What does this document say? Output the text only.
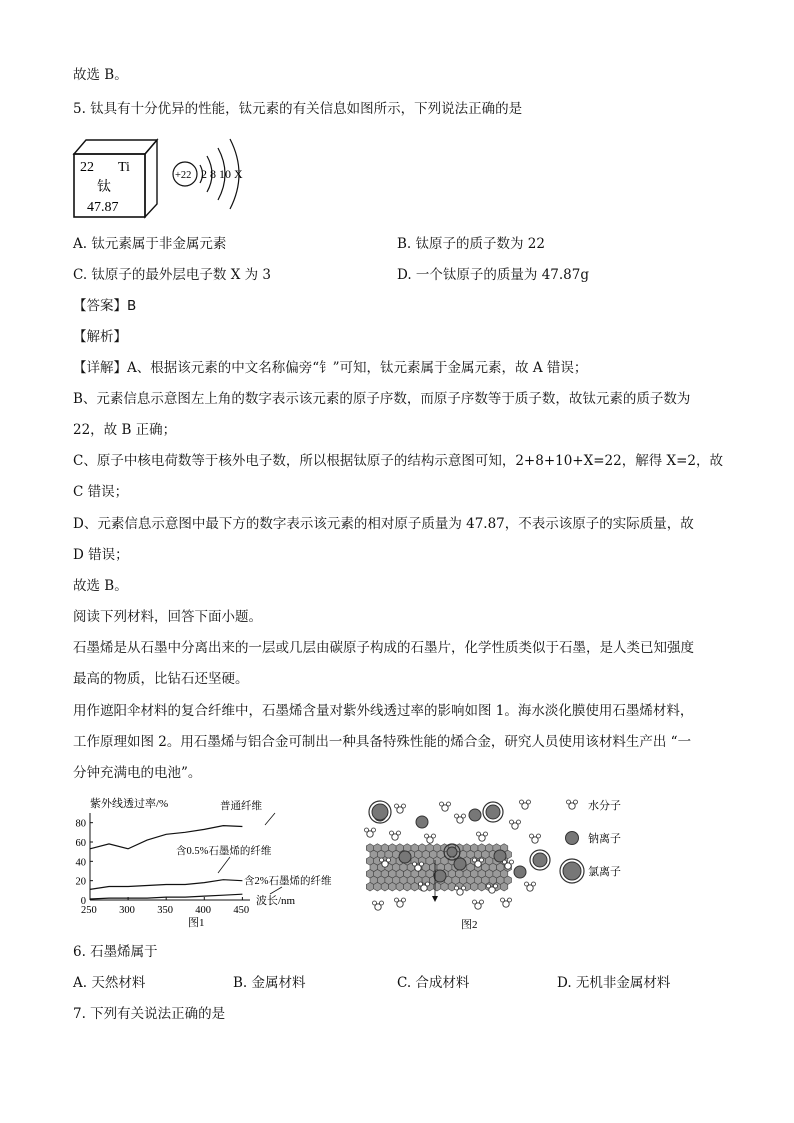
故选 B。
5. 钛具有十分优异的性能，钛元素的有关信息如图所示，下列说法正确的是
22 Ti
钛
47.87
+22 2 8 10 X
A. 钛元素属于非金属元素	B. 钛原子的质子数为 22
C. 钛原子的最外层电子数 X 为 3	D. 一个钛原子的质量为 47.87g
【答案】B
【解析】
【详解】A、根据该元素的中文名称偏旁“钅”可知，钛元素属于金属元素，故 A 错误；
B、元素信息示意图左上角的数字表示该元素的原子序数，而原子序数等于质子数，故钛元素的质子数为
22，故 B 正确；
C、原子中核电荷数等于核外电子数，所以根据钛原子的结构示意图可知，2+8+10+X=22，解得 X=2，故
C 错误；
D、元素信息示意图中最下方的数字表示该元素的相对原子质量为 47.87，不表示该原子的实际质量，故
D 错误；
故选 B。
阅读下列材料，回答下面小题。
石墨烯是从石墨中分离出来的一层或几层由碳原子构成的石墨片，化学性质类似于石墨，是人类已知强度
最高的物质，比钻石还坚硬。
用作遮阳伞材料的复合纤维中，石墨烯含量对紫外线透过率的影响如图 1。海水淡化膜使用石墨烯材料，
工作原理如图 2。用石墨烯与铝合金可制出一种具备特殊性能的烯合金，研究人员使用该材料生产出 “一
分钟充满电的电池”。
紫外线透过率/%
波长/nm
图1
普通纤维
含0.5%石墨烯的纤维
含2%石墨烯的纤维
250 300 350 400 450
0
20
40
60
80
水分子
钠离子
氯离子
图2
6. 石墨烯属于
A. 天然材料	B. 金属材料	C. 合成材料	D. 无机非金属材料
7. 下列有关说法正确的是
